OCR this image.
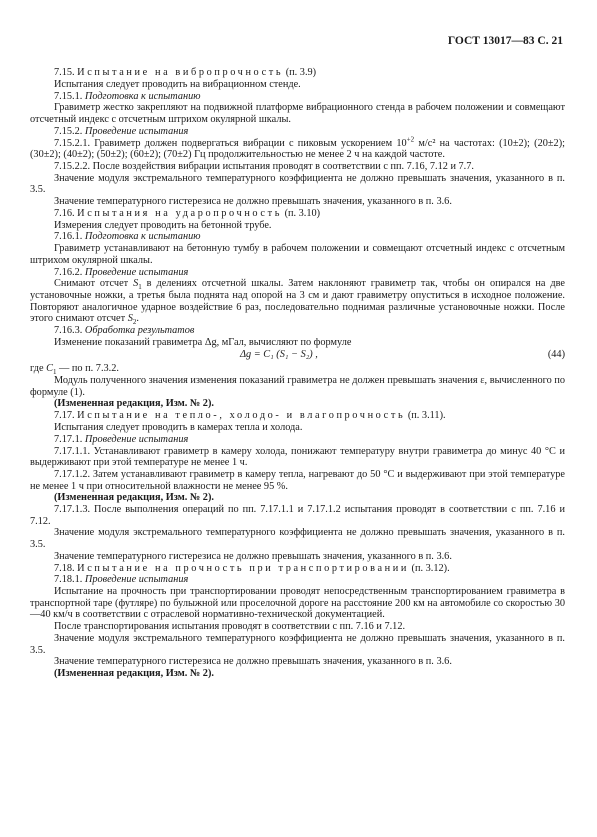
ГОСТ 13017—83 С. 21

7.15. Испытание на вибропрочность (п. 3.9)

Испытания следует проводить на вибрационном стенде.

7.15.1. Подготовка к испытанию

Гравиметр жестко закрепляют на подвижной платформе вибрационного стенда в рабочем положении и совмещают отсчетный индекс с отсчетным штрихом окулярной шкалы.

7.15.2. Проведение испытания

7.15.2.1. Гравиметр должен подвергаться вибрации с пиковым ускорением $10^{+2}$ м/с² на частотах: (10±2); (20±2); (30±2); (40±2); (50±2); (60±2); (70±2) Гц продолжительностью не менее 2 ч на каждой частоте.

7.15.2.2. После воздействия вибрации испытания проводят в соответствии с пп. 7.16, 7.12 и 7.7.

Значение модуля экстремального температурного коэффициента не должно превышать значения, указанного в п. 3.5.

Значение температурного гистерезиса не должно превышать значения, указанного в п. 3.6.

7.16. Испытания на ударопрочность (п. 3.10)

Измерения следует проводить на бетонной трубе.

7.16.1. Подготовка к испытанию

Гравиметр устанавливают на бетонную тумбу в рабочем положении и совмещают отсчетный индекс с отсчетным штрихом окулярной шкалы.

7.16.2. Проведение испытания

Снимают отсчет $S_1$ в делениях отсчетной шкалы. Затем наклоняют гравиметр так, чтобы он опирался на две установочные ножки, а третья была поднята над опорой на 3 см и дают гравиметру опуститься в исходное положение. Повторяют аналогичное ударное воздействие 6 раз, последовательно поднимая различные установочные ножки. После этого снимают отсчет $S_2$.

7.16.3. Обработка результатов

Изменение показаний гравиметра Δg, мГал, вычисляют по формуле

Δg = C₁ (S₁ − S₂) ,	(44)

где $C_1$ — по п. 7.3.2.

Модуль полученного значения изменения показаний гравиметра не должен превышать значения ε, вычисленного по формуле (1).

(Измененная редакция, Изм. № 2).

7.17. Испытание на тепло-, холодо- и влагопрочность (п. 3.11).

Испытания следует проводить в камерах тепла и холода.

7.17.1. Проведение испытания

7.17.1.1. Устанавливают гравиметр в камеру холода, понижают температуру внутри гравиметра до минус 40 °С и выдерживают при этой температуре не менее 1 ч.

7.17.1.2. Затем устанавливают гравиметр в камеру тепла, нагревают до 50 °С и выдерживают при этой температуре не менее 1 ч при относительной влажности не менее 95 %.

(Измененная редакция, Изм. № 2).

7.17.1.3. После выполнения операций по пп. 7.17.1.1 и 7.17.1.2 испытания проводят в соответствии с пп. 7.16 и 7.12.

Значение модуля экстремального температурного коэффициента не должно превышать значения, указанного в п. 3.5.

Значение температурного гистерезиса не должно превышать значения, указанного в п. 3.6.

7.18. Испытание на прочность при транспортировании (п. 3.12).

7.18.1. Проведение испытания

Испытание на прочность при транспортировании проводят непосредственным транспортированием гравиметра в транспортной таре (футляре) по булыжной или проселочной дороге на расстояние 200 км на автомобиле со скоростью 30—40 км/ч в соответствии с отраслевой нормативно-технической документацией.

После транспортирования испытания проводят в соответствии с пп. 7.16 и 7.12.

Значение модуля экстремального температурного коэффициента не должно превышать значения, указанного в п. 3.5.

Значение температурного гистерезиса не должно превышать значения, указанного в п. 3.6.

(Измененная редакция, Изм. № 2).
